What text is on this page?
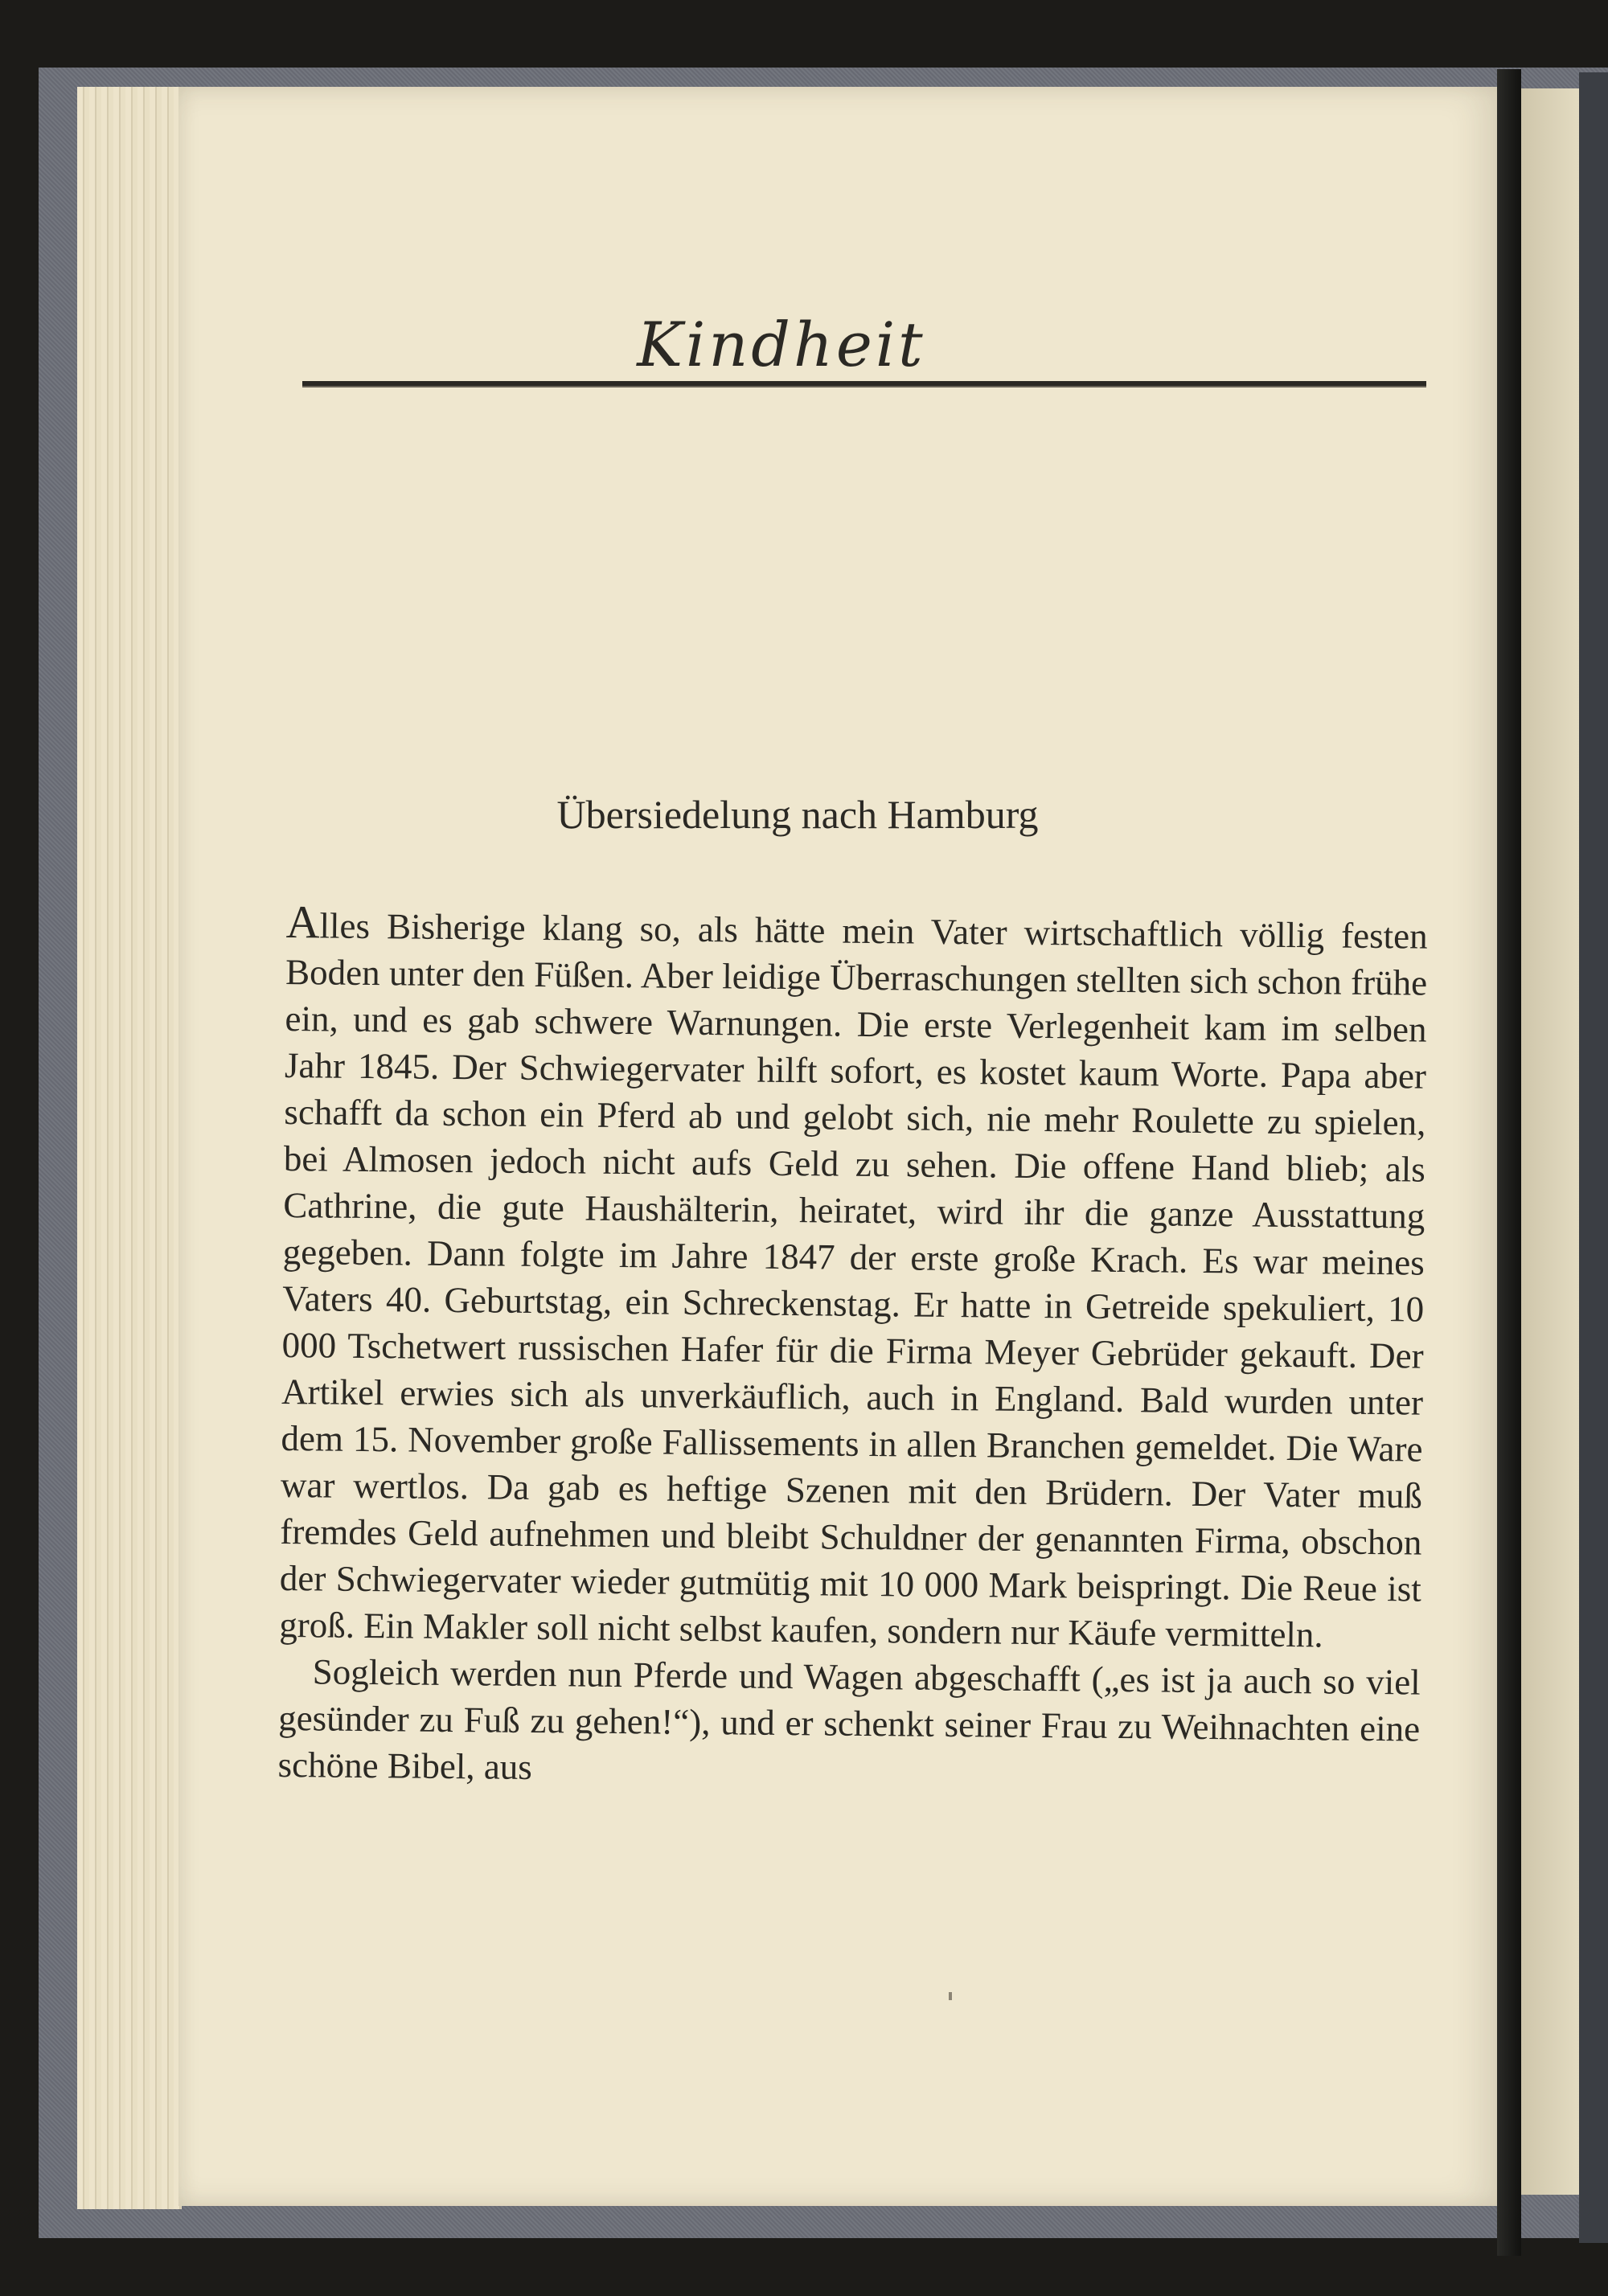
Kindheit
Übersiedelung nach Hamburg

Alles Bisherige klang so, als hätte mein Vater wirtschaftlich völlig festen Boden unter den Füßen. Aber leidige Überraschungen stellten sich schon frühe ein, und es gab schwere Warnungen. Die erste Verlegenheit kam im selben Jahr 1845. Der Schwiegervater hilft sofort, es kostet kaum Worte. Papa aber schafft da schon ein Pferd ab und gelobt sich, nie mehr Roulette zu spielen, bei Almosen jedoch nicht aufs Geld zu sehen. Die offene Hand blieb; als Cathrine, die gute Haushälterin, heiratet, wird ihr die ganze Ausstattung gegeben. Dann folgte im Jahre 1847 der erste große Krach. Es war meines Vaters 40. Geburtstag, ein Schreckenstag. Er hatte in Getreide spekuliert, 10 000 Tschetwert russischen Hafer für die Firma Meyer Gebrüder gekauft. Der Artikel erwies sich als unverkäuflich, auch in England. Bald wurden unter dem 15. November große Fallissements in allen Branchen gemeldet. Die Ware war wertlos. Da gab es heftige Szenen mit den Brüdern. Der Vater muß fremdes Geld aufnehmen und bleibt Schuldner der genannten Firma, obschon der Schwiegervater wieder gutmütig mit 10 000 Mark beispringt. Die Reue ist groß. Ein Makler soll nicht selbst kaufen, sondern nur Käufe vermitteln.

Sogleich werden nun Pferde und Wagen abgeschafft („es ist ja auch so viel gesünder zu Fuß zu gehen!“), und er schenkt seiner Frau zu Weihnachten eine schöne Bibel, aus
